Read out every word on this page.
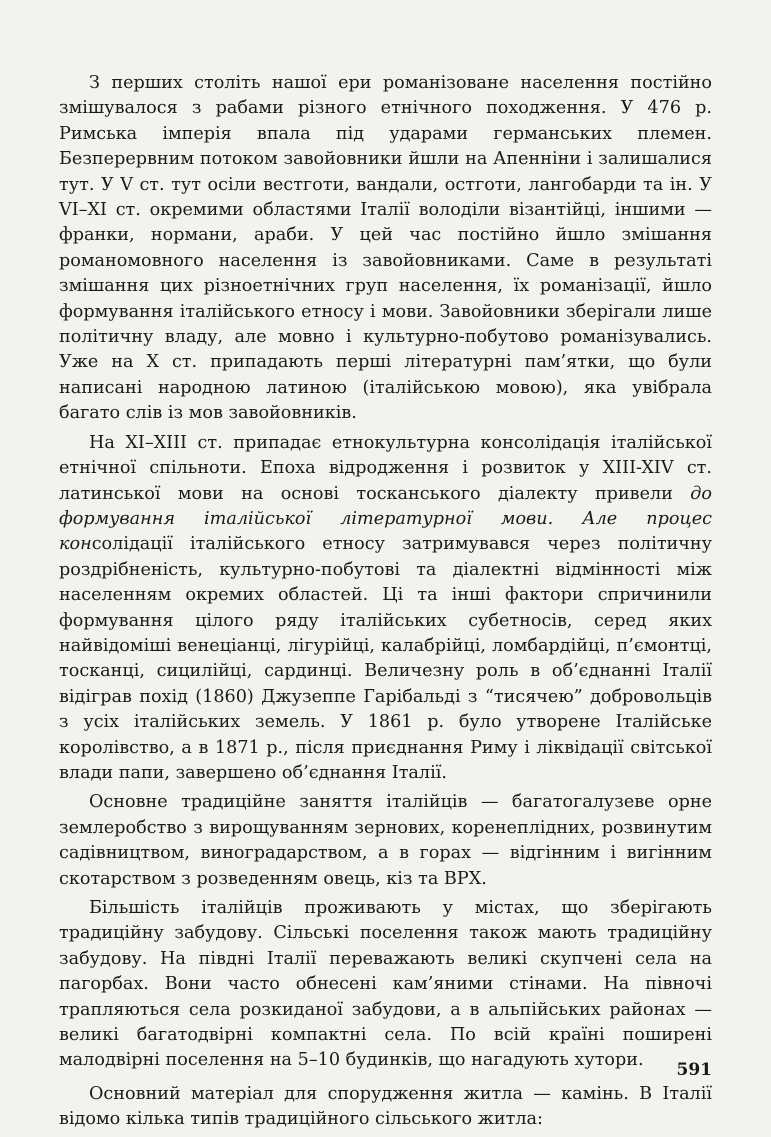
З перших століть нашої ери романізоване населення постійно змішувалося з рабами різного етнічного походження. У 476 р. Римська імперія впала під ударами германських племен. Безперервним потоком завойовники йшли на Апенніни і залишалися тут. У V ст. тут осіли вестготи, вандали, остготи, лангобарди та ін. У VI–XI ст. окремими областями Італії володіли візантійці, іншими — франки, нормани, араби. У цей час постійно йшло змішання романомовного населення із завойовниками. Саме в результаті змішання цих різноетнічних груп населення, їх романізації, йшло формування італійського етносу і мови. Завойовники зберігали лише політичну владу, але мовно і культурно-побутово романізувались. Уже на X ст. припадають перші літературні пам’ятки, що були написані народною латиною (італійською мовою), яка увібрала багато слів із мов завойовників.

На XI–XIII ст. припадає етнокультурна консолідація італійської етнічної спільноти. Епоха відродження і розвиток у XIII-XIV ст. латинської мови на основі тосканського діалекту привели до формування італійської літературної мови. Але процес консолідації італійського етносу затримувався через політичну роздрібненість, культурно-побутові та діалектні відмінності між населенням окремих областей. Ці та інші фактори спричинили формування цілого ряду італійських субетносів, серед яких найвідоміші венеціанці, лігурійці, калабрійці, ломбардійці, п’ємонтці, тосканці, сицилійці, сардинці. Величезну роль в об’єднанні Італії відіграв похід (1860) Джузеппе Гарібальді з “тисячею” добровольців з усіх італійських земель. У 1861 р. було утворене Італійське королівство, а в 1871 р., після приєднання Риму і ліквідації світської влади папи, завершено об’єднання Італії.

Основне традиційне заняття італійців — багатогалузеве орне землеробство з вирощуванням зернових, коренеплідних, розвинутим садівництвом, виноградарством, а в горах — відгінним і вигінним скотарством з розведенням овець, кіз та ВРХ.

Більшість італійців проживають у містах, що зберігають традиційну забудову. Сільські поселення також мають традиційну забудову. На півдні Італії переважають великі скупчені села на пагорбах. Вони часто обнесені кам’яними стінами. На півночі трапляються села розкиданої забудови, а в альпійських районах — великі багатодвірні компактні села. По всій країні поширені малодвірні поселення на 5–10 будинків, що нагадують хутори.

Основний матеріал для спорудження житла — камінь. В Італії відомо кілька типів традиційного сільського житла:

591
